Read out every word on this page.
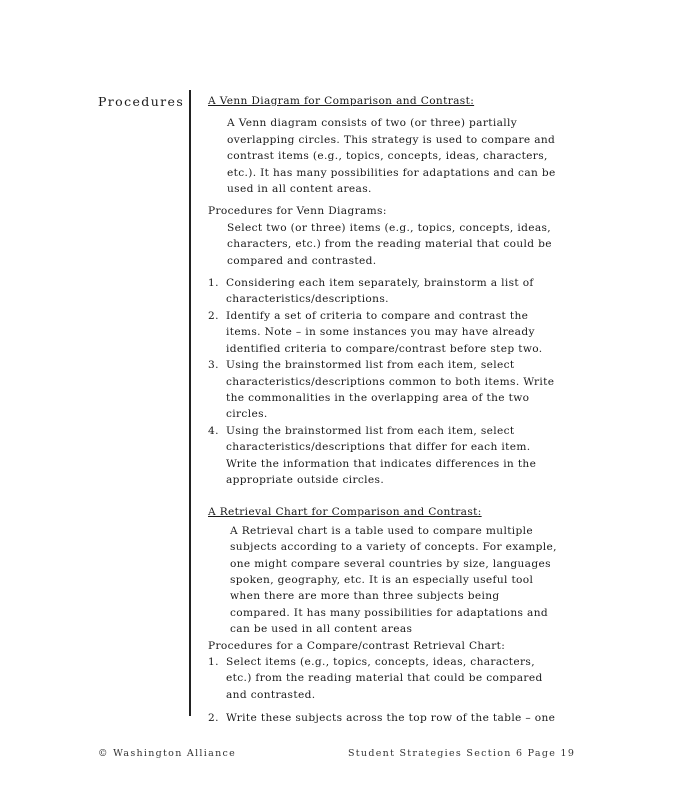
Procedures A Venn Diagram for Comparison and Contrast:
A Venn diagram consists of two (or three) partially overlapping circles. This strategy is used to compare and contrast items (e.g., topics, concepts, ideas, characters, etc.). It has many possibilities for adaptations and can be used in all content areas.
Procedures for Venn Diagrams:
Select two (or three) items (e.g., topics, concepts, ideas, characters, etc.) from the reading material that could be compared and contrasted.
1. Considering each item separately, brainstorm a list of characteristics/descriptions.
2. Identify a set of criteria to compare and contrast the items. Note – in some instances you may have already identified criteria to compare/contrast before step two.
3. Using the brainstormed list from each item, select characteristics/descriptions common to both items. Write the commonalities in the overlapping area of the two circles.
4. Using the brainstormed list from each item, select characteristics/descriptions that differ for each item. Write the information that indicates differences in the appropriate outside circles.
A Retrieval Chart for Comparison and Contrast:
A Retrieval chart is a table used to compare multiple subjects according to a variety of concepts. For example, one might compare several countries by size, languages spoken, geography, etc. It is an especially useful tool when there are more than three subjects being compared. It has many possibilities for adaptations and can be used in all content areas
Procedures for a Compare/contrast Retrieval Chart:
1. Select items (e.g., topics, concepts, ideas, characters, etc.) from the reading material that could be compared and contrasted.
2. Write these subjects across the top row of the table – one
© Washington Alliance	Student Strategies Section 6 Page 19
